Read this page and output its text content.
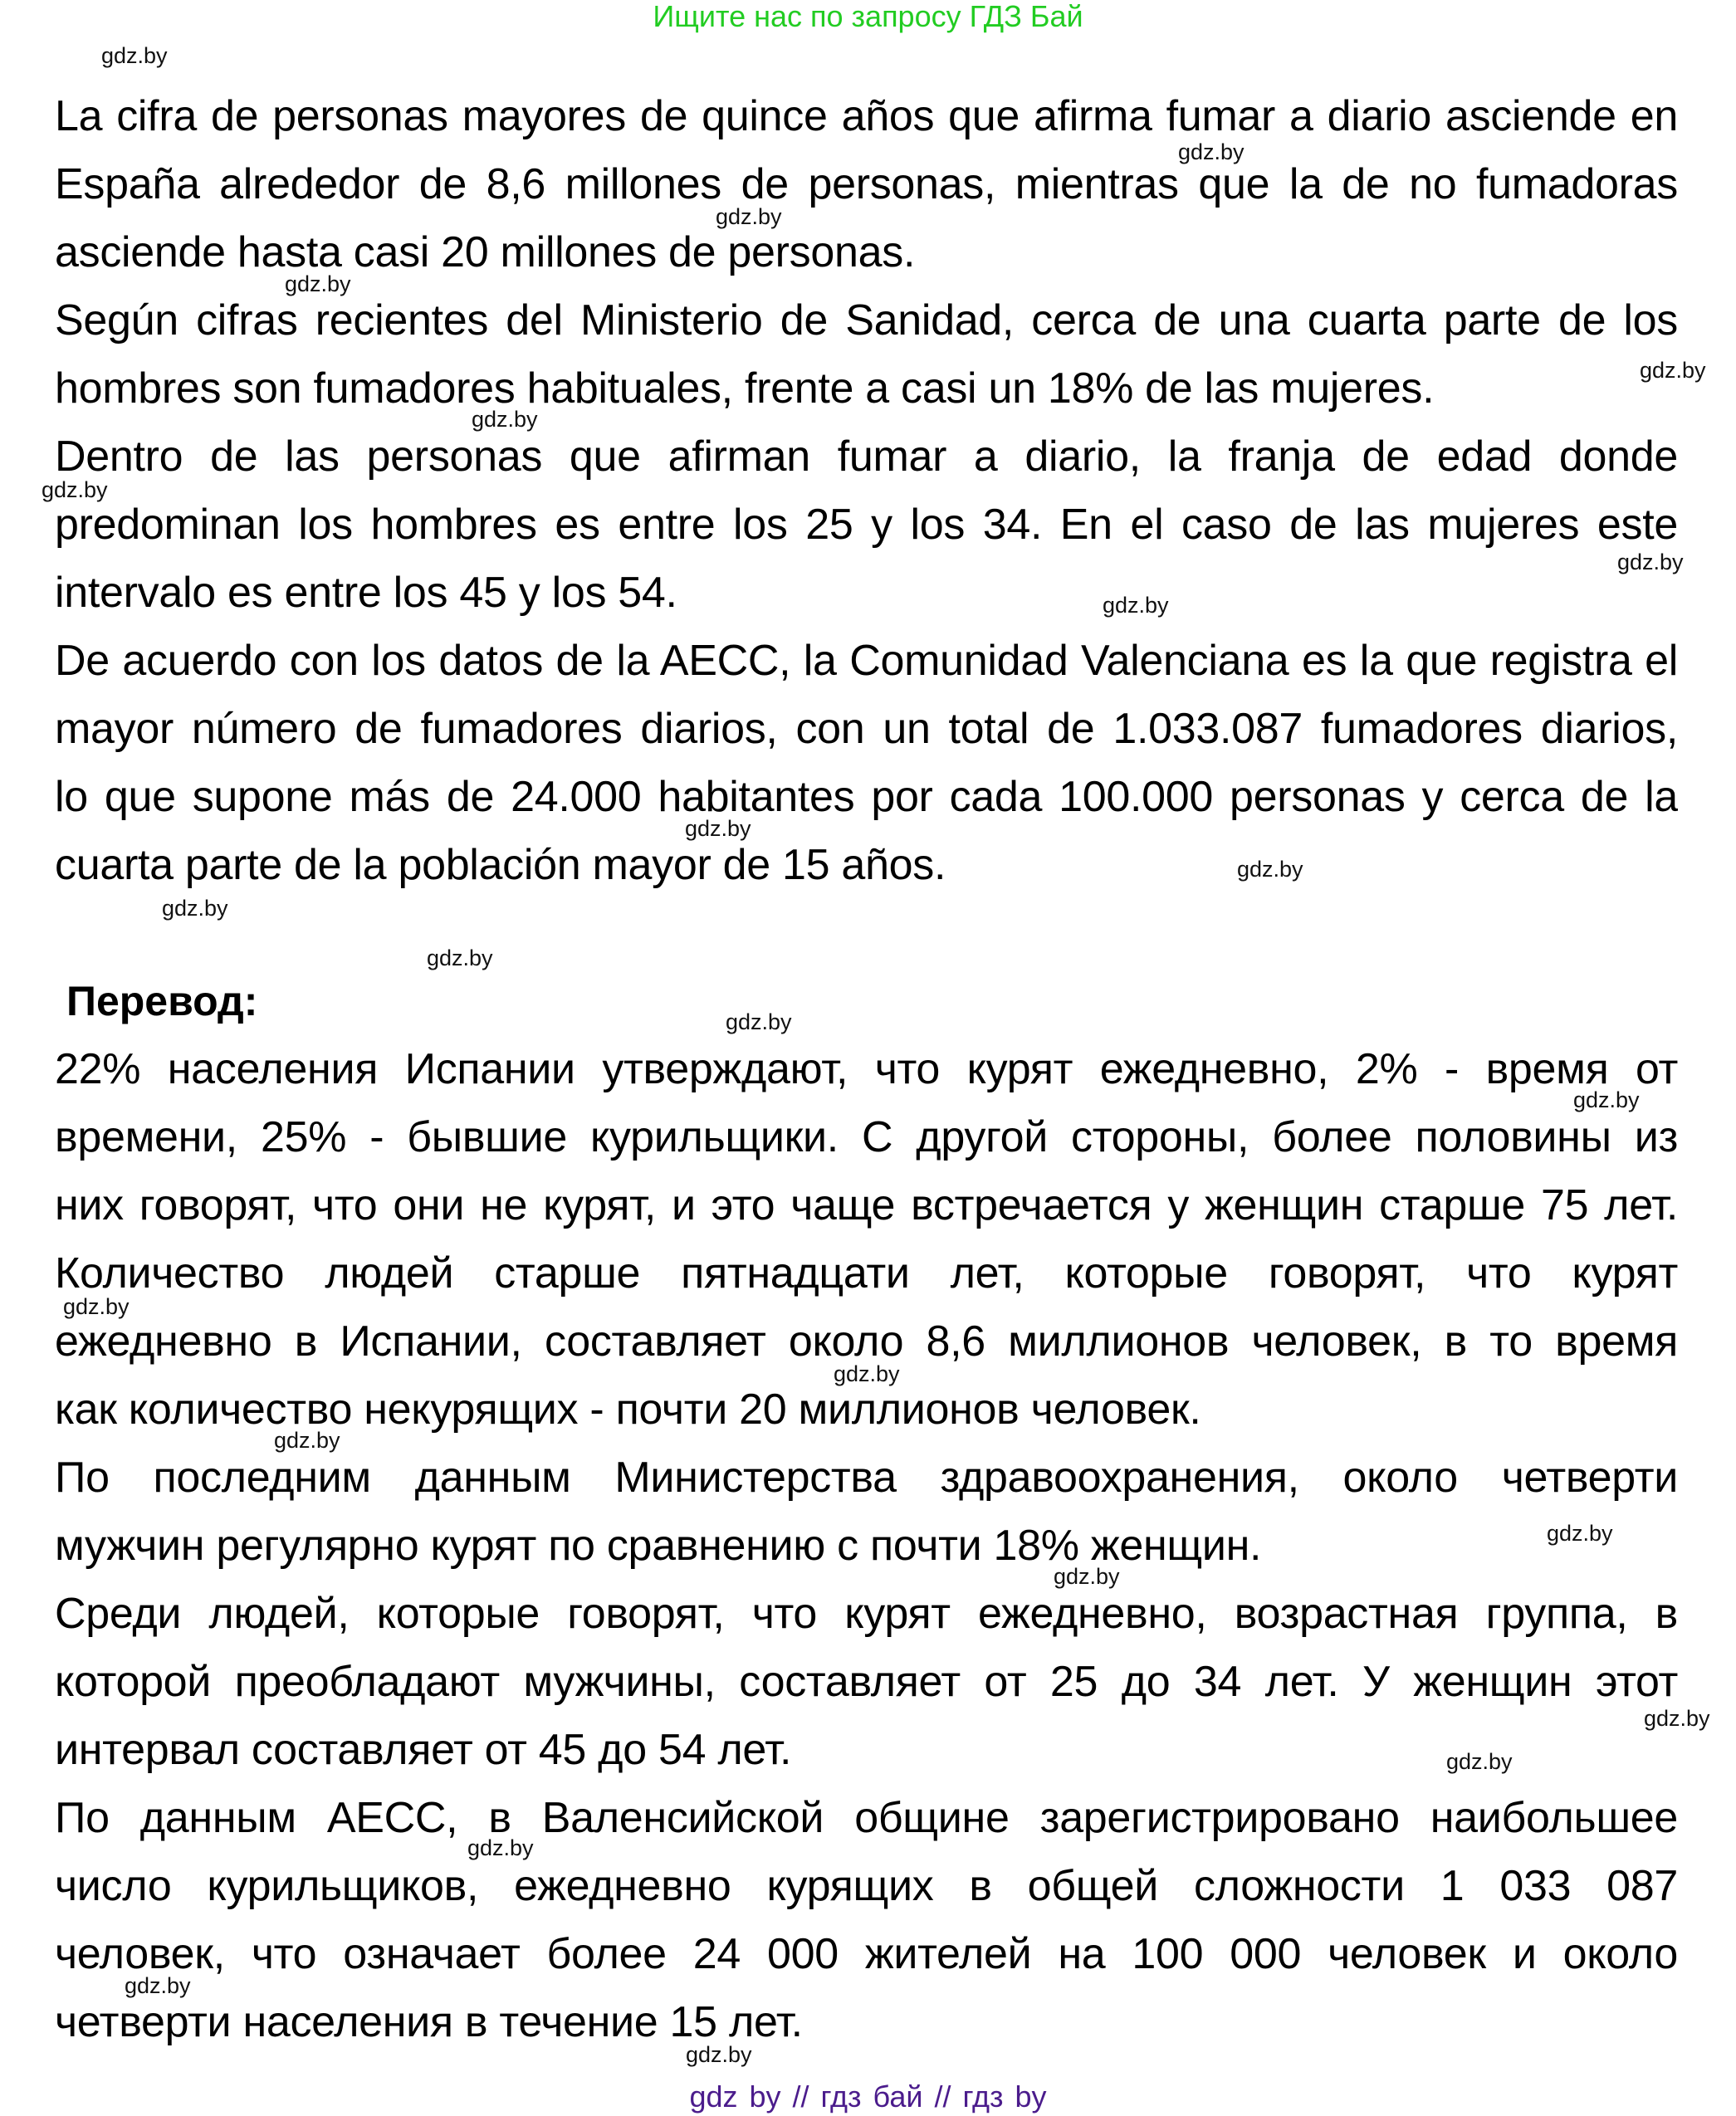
Ищите нас по запросу ГДЗ Бай
La cifra de personas mayores de quince años que afirma fumar a diario asciende en
España alrededor de 8,6 millones de personas, mientras que la de no fumadoras
asciende hasta casi 20 millones de personas.
Según cifras recientes del Ministerio de Sanidad, cerca de una cuarta parte de los
hombres son fumadores habituales, frente a casi un 18% de las mujeres.
Dentro de las personas que afirman fumar a diario, la franja de edad donde
predominan los hombres es entre los 25 y los 34. En el caso de las mujeres este
intervalo es entre los 45 y los 54.
De acuerdo con los datos de la AECC, la Comunidad Valenciana es la que registra el
mayor número de fumadores diarios, con un total de 1.033.087 fumadores diarios,
lo que supone más de 24.000 habitantes por cada 100.000 personas y cerca de la
cuarta parte de la población mayor de 15 años.
Перевод:
22% населения Испании утверждают, что курят ежедневно, 2% - время от
времени, 25% - бывшие курильщики. С другой стороны, более половины из
них говорят, что они не курят, и это чаще встречается у женщин старше 75 лет.
Количество людей старше пятнадцати лет, которые говорят, что курят
ежедневно в Испании, составляет около 8,6 миллионов человек, в то время
как количество некурящих - почти 20 миллионов человек.
По последним данным Министерства здравоохранения, около четверти
мужчин регулярно курят по сравнению с почти 18% женщин.
Среди людей, которые говорят, что курят ежедневно, возрастная группа, в
которой преобладают мужчины, составляет от 25 до 34 лет. У женщин этот
интервал составляет от 45 до 54 лет.
По данным AECC, в Валенсийской общине зарегистрировано наибольшее
число курильщиков, ежедневно курящих в общей сложности 1 033 087
человек, что означает более 24 000 жителей на 100 000 человек и около
четверти населения в течение 15 лет.
gdz.by
gdz.by
gdz.by
gdz.by
gdz.by
gdz.by
gdz.by
gdz.by
gdz.by
gdz.by
gdz.by
gdz.by
gdz.by
gdz.by
gdz.by
gdz.by
gdz.by
gdz.by
gdz.by
gdz.by
gdz.by
gdz.by
gdz.by
gdz.by
gdz.by
gdz by // гдз бай // гдз by
